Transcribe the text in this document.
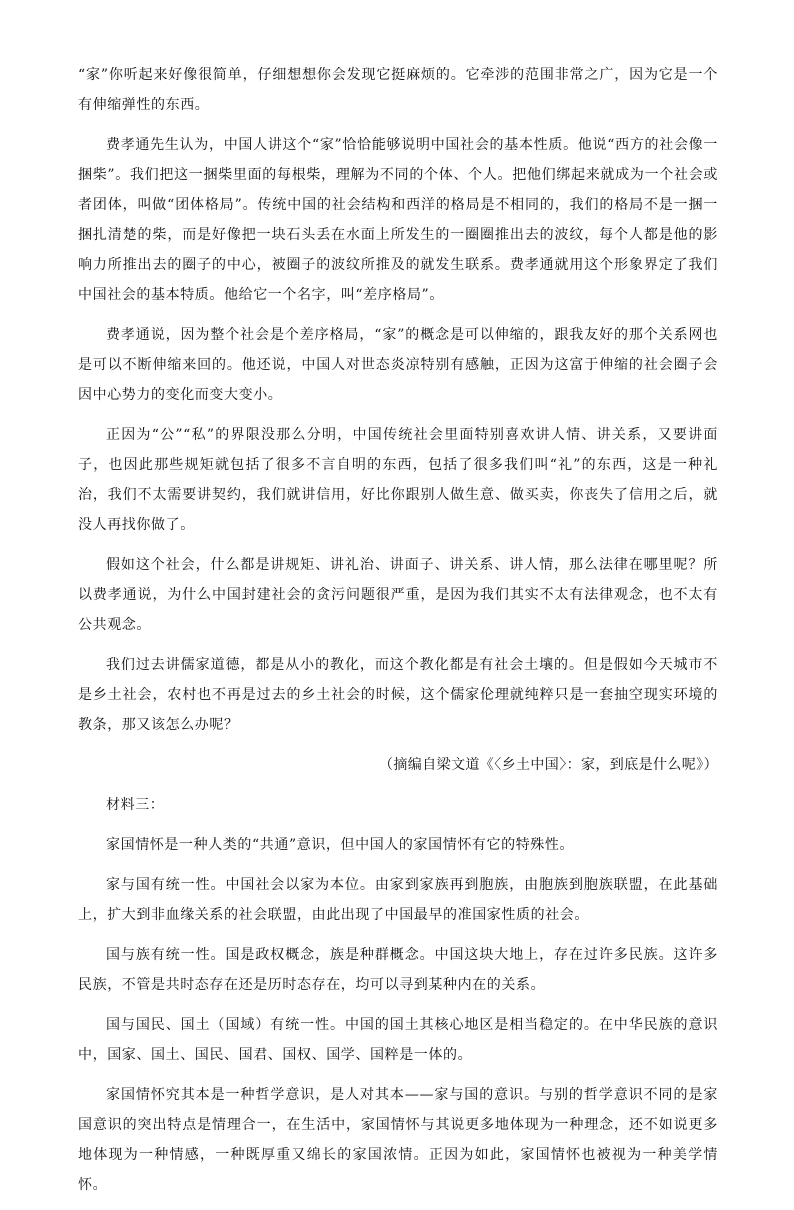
“家”你听起来好像很简单，仔细想想你会发现它挺麻烦的。它牵涉的范围非常之广，因为它是一个有伸缩弹性的东西。

费孝通先生认为，中国人讲这个“家”恰恰能够说明中国社会的基本性质。他说“西方的社会像一捆柴”。我们把这一捆柴里面的每根柴，理解为不同的个体、个人。把他们绑起来就成为一个社会或者团体，叫做“团体格局”。传统中国的社会结构和西洋的格局是不相同的，我们的格局不是一捆一捆扎清楚的柴，而是好像把一块石头丢在水面上所发生的一圈圈推出去的波纹，每个人都是他的影响力所推出去的圈子的中心，被圈子的波纹所推及的就发生联系。费孝通就用这个形象界定了我们中国社会的基本特质。他给它一个名字，叫“差序格局”。

费孝通说，因为整个社会是个差序格局，“家”的概念是可以伸缩的，跟我友好的那个关系网也是可以不断伸缩来回的。他还说，中国人对世态炎凉特别有感触，正因为这富于伸缩的社会圈子会因中心势力的变化而变大变小。

正因为“公”“私”的界限没那么分明，中国传统社会里面特别喜欢讲人情、讲关系，又要讲面子，也因此那些规矩就包括了很多不言自明的东西，包括了很多我们叫“礼”的东西，这是一种礼治，我们不太需要讲契约，我们就讲信用，好比你跟别人做生意、做买卖，你丧失了信用之后，就没人再找你做了。

假如这个社会，什么都是讲规矩、讲礼治、讲面子、讲关系、讲人情，那么法律在哪里呢？所以费孝通说，为什么中国封建社会的贪污问题很严重，是因为我们其实不太有法律观念，也不太有公共观念。

我们过去讲儒家道德，都是从小的教化，而这个教化都是有社会土壤的。但是假如今天城市不是乡土社会，农村也不再是过去的乡土社会的时候，这个儒家伦理就纯粹只是一套抽空现实环境的教条，那又该怎么办呢？

（摘编自梁文道《〈乡土中国〉：家，到底是什么呢》）

材料三：

家国情怀是一种人类的“共通”意识，但中国人的家国情怀有它的特殊性。

家与国有统一性。中国社会以家为本位。由家到家族再到胞族，由胞族到胞族联盟，在此基础上，扩大到非血缘关系的社会联盟，由此出现了中国最早的准国家性质的社会。

国与族有统一性。国是政权概念，族是种群概念。中国这块大地上，存在过许多民族。这许多民族，不管是共时态存在还是历时态存在，均可以寻到某种内在的关系。

国与国民、国土（国域）有统一性。中国的国土其核心地区是相当稳定的。在中华民族的意识中，国家、国土、国民、国君、国权、国学、国粹是一体的。

家国情怀究其本是一种哲学意识，是人对其本——家与国的意识。与别的哲学意识不同的是家国意识的突出特点是情理合一，在生活中，家国情怀与其说更多地体现为一种理念，还不如说更多地体现为一种情感，一种既厚重又绵长的家国浓情。正因为如此，家国情怀也被视为一种美学情怀。
